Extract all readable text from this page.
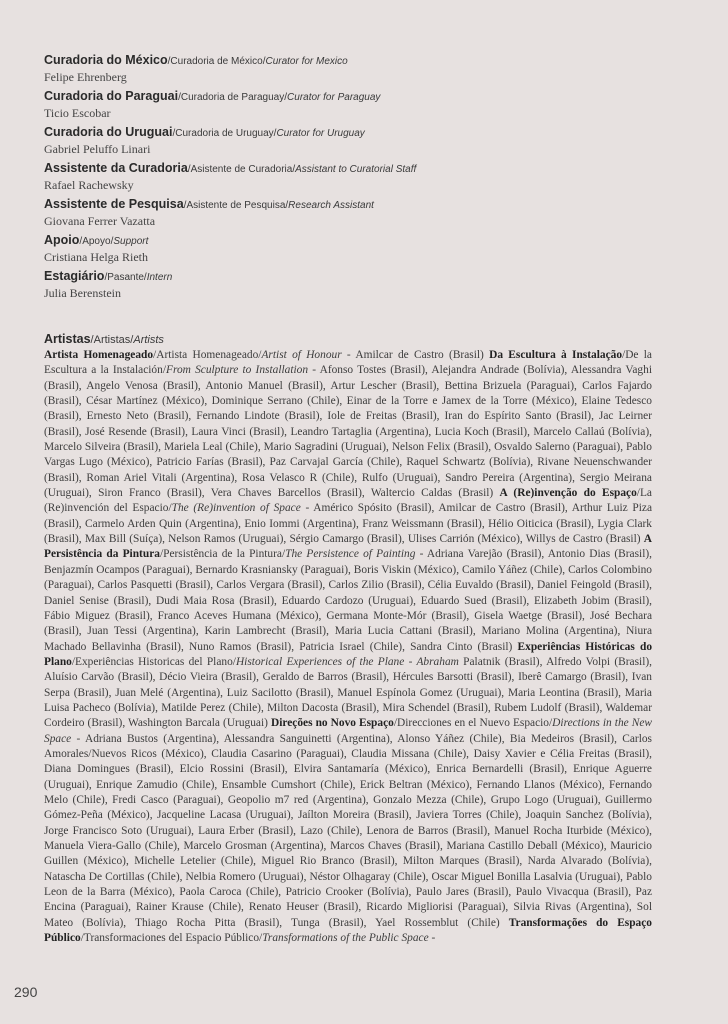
Curadoria do México/Curadoria de México/Curator for Mexico
Felipe Ehrenberg
Curadoria do Paraguai/Curadoria de Paraguay/Curator for Paraguay
Ticio Escobar
Curadoria do Uruguai/Curadoria de Uruguay/Curator for Uruguay
Gabriel Peluffo Linari
Assistente da Curadoria/Asistente de Curadoria/Assistant to Curatorial Staff
Rafael Rachewsky
Assistente de Pesquisa/Asistente de Pesquisa/Research Assistant
Giovana Ferrer Vazatta
Apoio/Apoyo/Support
Cristiana Helga Rieth
Estagiário/Pasante/Intern
Julia Berenstein
Artistas/Artistas/Artists
Artista Homenageado/Artista Homenageado/Artist of Honour - Amilcar de Castro (Brasil) Da Escultura à Instalação/De la Escultura a la Instalación/From Sculpture to Installation - Afonso Tostes (Brasil), Alejandra Andrade (Bolívia), Alessandra Vaghi (Brasil), Angelo Venosa (Brasil), Antonio Manuel (Brasil), Artur Lescher (Brasil), Bettina Brizuela (Paraguai), Carlos Fajardo (Brasil), César Martínez (México), Dominique Serrano (Chile), Einar de la Torre e Jamex de la Torre (México), Elaine Tedesco (Brasil), Ernesto Neto (Brasil), Fernando Lindote (Brasil), Iole de Freitas (Brasil), Iran do Espírito Santo (Brasil), Jac Leirner (Brasil), José Resende (Brasil), Laura Vinci (Brasil), Leandro Tartaglia (Argentina), Lucia Koch (Brasil), Marcelo Callaú (Bolívia), Marcelo Silveira (Brasil), Mariela Leal (Chile), Mario Sagradini (Uruguai), Nelson Felix (Brasil), Osvaldo Salerno (Paraguai), Pablo Vargas Lugo (México), Patricio Farías (Brasil), Paz Carvajal García (Chile), Raquel Schwartz (Bolívia), Rivane Neuenschwander (Brasil), Roman Ariel Vitali (Argentina), Rosa Velasco R (Chile), Rulfo (Uruguai), Sandro Pereira (Argentina), Sergio Meirana (Uruguai), Siron Franco (Brasil), Vera Chaves Barcellos (Brasil), Waltercio Caldas (Brasil) A (Re)invenção do Espaço/La (Re)invención del Espacio/The (Re)invention of Space - Américo Spósito (Brasil), Amilcar de Castro (Brasil), Arthur Luiz Piza (Brasil), Carmelo Arden Quin (Argentina), Enio Iommi (Argentina), Franz Weissmann (Brasil), Hélio Oiticica (Brasil), Lygia Clark (Brasil), Max Bill (Suíça), Nelson Ramos (Uruguai), Sérgio Camargo (Brasil), Ulises Carrión (México), Willys de Castro (Brasil) A Persistência da Pintura/Persistência de la Pintura/The Persistence of Painting - Adriana Varejão (Brasil), Antonio Dias (Brasil), Benjazmín Ocampos (Paraguai), Bernardo Krasniansky (Paraguai), Boris Viskin (México), Camilo Yáñez (Chile), Carlos Colombino (Paraguai), Carlos Pasquetti (Brasil), Carlos Vergara (Brasil), Carlos Zilio (Brasil), Célia Euvaldo (Brasil), Daniel Feingold (Brasil), Daniel Senise (Brasil), Dudi Maia Rosa (Brasil), Eduardo Cardozo (Uruguai), Eduardo Sued (Brasil), Elizabeth Jobim (Brasil), Fábio Miguez (Brasil), Franco Aceves Humana (México), Germana Monte-Mór (Brasil), Gisela Waetge (Brasil), José Bechara (Brasil), Juan Tessi (Argentina), Karin Lambrecht (Brasil), Maria Lucia Cattani (Brasil), Mariano Molina (Argentina), Niura Machado Bellavinha (Brasil), Nuno Ramos (Brasil), Patricia Israel (Chile), Sandra Cinto (Brasil) Experiências Históricas do Plano/Experiências Historicas del Plano/Historical Experiences of the Plane - Abraham Palatnik (Brasil), Alfredo Volpi (Brasil), Aluísio Carvão (Brasil), Décio Vieira (Brasil), Geraldo de Barros (Brasil), Hércules Barsotti (Brasil), Iberê Camargo (Brasil), Ivan Serpa (Brasil), Juan Melé (Argentina), Luiz Sacilotto (Brasil), Manuel Espínola Gomez (Uruguai), Maria Leontina (Brasil), Maria Luisa Pacheco (Bolívia), Matilde Perez (Chile), Milton Dacosta (Brasil), Mira Schendel (Brasil), Rubem Ludolf (Brasil), Waldemar Cordeiro (Brasil), Washington Barcala (Uruguai) Direções no Novo Espaço/Direcciones en el Nuevo Espacio/Directions in the New Space - Adriana Bustos (Argentina), Alessandra Sanguinetti (Argentina), Alonso Yáñez (Chile), Bia Medeiros (Brasil), Carlos Amorales/Nuevos Ricos (México), Claudia Casarino (Paraguai), Claudia Missana (Chile), Daisy Xavier e Célia Freitas (Brasil), Diana Domingues (Brasil), Elcio Rossini (Brasil), Elvira Santamaría (México), Enrica Bernardelli (Brasil), Enrique Aguerre (Uruguai), Enrique Zamudio (Chile), Ensamble Cumshort (Chile), Erick Beltran (México), Fernando Llanos (México), Fernando Melo (Chile), Fredi Casco (Paraguai), Geopolio m7 red (Argentina), Gonzalo Mezza (Chile), Grupo Logo (Uruguai), Guillermo Gómez-Peña (México), Jacqueline Lacasa (Uruguai), Jaílton Moreira (Brasil), Javiera Torres (Chile), Joaquin Sanchez (Bolívia), Jorge Francisco Soto (Uruguai), Laura Erber (Brasil), Lazo (Chile), Lenora de Barros (Brasil), Manuel Rocha Iturbide (México), Manuela Viera-Gallo (Chile), Marcelo Grosman (Argentina), Marcos Chaves (Brasil), Mariana Castillo Deball (México), Mauricio Guillen (México), Michelle Letelier (Chile), Miguel Rio Branco (Brasil), Milton Marques (Brasil), Narda Alvarado (Bolívia), Natascha De Cortillas (Chile), Nelbia Romero (Uruguai), Néstor Olhagaray (Chile), Oscar Miguel Bonilla Lasalvia (Uruguai), Pablo Leon de la Barra (México), Paola Caroca (Chile), Patricio Crooker (Bolívia), Paulo Jares (Brasil), Paulo Vivacqua (Brasil), Paz Encina (Paraguai), Rainer Krause (Chile), Renato Heuser (Brasil), Ricardo Migliorisi (Paraguai), Silvia Rivas (Argentina), Sol Mateo (Bolívia), Thiago Rocha Pitta (Brasil), Tunga (Brasil), Yael Rossemblut (Chile) Transformações do Espaço Público/Transformaciones del Espacio Público/Transformations of the Public Space -
290
